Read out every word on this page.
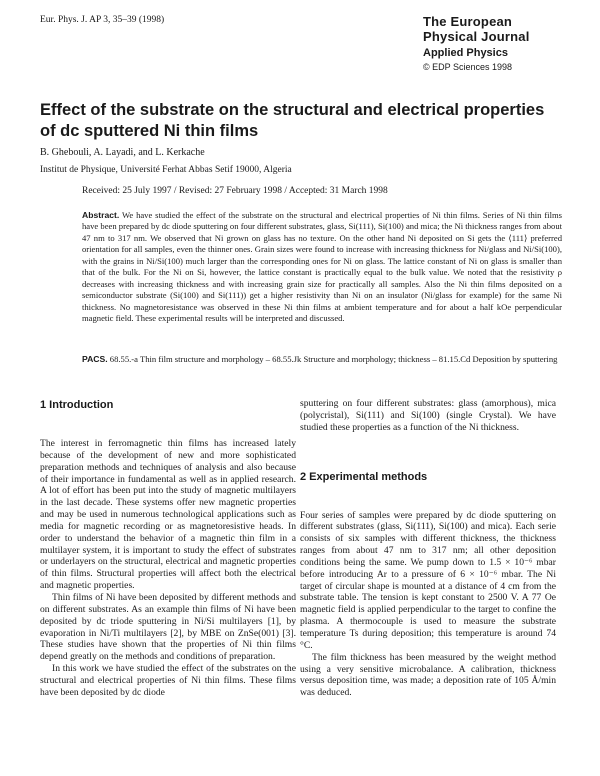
Eur. Phys. J. AP 3, 35–39 (1998)	The European
Physical Journal
Applied Physics
© EDP Sciences 1998
Effect of the substrate on the structural and electrical properties of dc sputtered Ni thin films
B. Ghebouli, A. Layadi, and L. Kerkache
Institut de Physique, Université Ferhat Abbas Setif 19000, Algeria
Received: 25 July 1997 / Revised: 27 February 1998 / Accepted: 31 March 1998

Abstract. We have studied the effect of the substrate on the structural and electrical properties of Ni thin films. Series of Ni thin films have been prepared by dc diode sputtering on four different substrates, glass, Si(111), Si(100) and mica; the Ni thickness ranges from about 47 nm to 317 nm. We observed that Ni grown on glass has no texture. On the other hand Ni deposited on Si gets the ⟨111⟩ preferred orientation for all samples, even the thinner ones. Grain sizes were found to increase with increasing thickness for Ni/glass and Ni/Si(100), with the grains in Ni/Si(100) much larger than the corresponding ones for Ni on glass. The lattice constant of Ni on glass is smaller than that of the bulk. For the Ni on Si, however, the lattice constant is practically equal to the bulk value. We noted that the resistivity ρ decreases with increasing thickness and with increasing grain size for practically all samples. Also the Ni thin films deposited on a semiconductor substrate (Si(100) and Si(111)) get a higher resistivity than Ni on an insulator (Ni/glass for example) for the same Ni thickness. No magnetoresistance was observed in these Ni thin films at ambient temperature and for about a half kOe perpendicular magnetic field. These experimental results will be interpreted and discussed.

PACS. 68.55.-a Thin film structure and morphology – 68.55.Jk Structure and morphology; thickness – 81.15.Cd Deposition by sputtering

1 Introduction

The interest in ferromagnetic thin films has increased lately because of the development of new and more sophisticated preparation methods and techniques of analysis and also because of their importance in fundamental as well as in applied research. A lot of effort has been put into the study of magnetic multilayers in the last decade. These systems offer new magnetic properties and may be used in numerous technological applications such as media for magnetic recording or as magnetoresistive heads. In order to understand the behavior of a magnetic thin film in a multilayer system, it is important to study the effect of substrates or underlayers on the structural, electrical and magnetic properties of thin films. Structural properties will affect both the electrical and magnetic properties.

Thin films of Ni have been deposited by different methods and on different substrates. As an example thin films of Ni have been deposited by dc triode sputtering in Ni/Si multilayers [1], by evaporation in Ni/Ti multilayers [2], by MBE on ZnSe(001) [3]. These studies have shown that the properties of Ni thin films depend greatly on the methods and conditions of preparation.

In this work we have studied the effect of the substrates on the structural and electrical properties of Ni thin films. These films have been deposited by dc diode

sputtering on four different substrates: glass (amorphous), mica (polycristal), Si(111) and Si(100) (single Crystal). We have studied these properties as a function of the Ni thickness.

2 Experimental methods

Four series of samples were prepared by dc diode sputtering on different substrates (glass, Si(111), Si(100) and mica). Each serie consists of six samples with different thickness, the thickness ranges from about 47 nm to 317 nm; all other deposition conditions being the same. We pump down to 1.5 × 10⁻⁶ mbar before introducing Ar to a pressure of 6 × 10⁻⁶ mbar. The Ni target of circular shape is mounted at a distance of 4 cm from the substrate table. The tension is kept constant to 2500 V. A 77 Oe magnetic field is applied perpendicular to the target to confine the plasma. A thermocouple is used to measure the substrate temperature Ts during deposition; this temperature is around 74 °C.

The film thickness has been measured by the weight method using a very sensitive microbalance. A calibration, thickness versus deposition time, was made; a deposition rate of 105 Å/min was deduced.
